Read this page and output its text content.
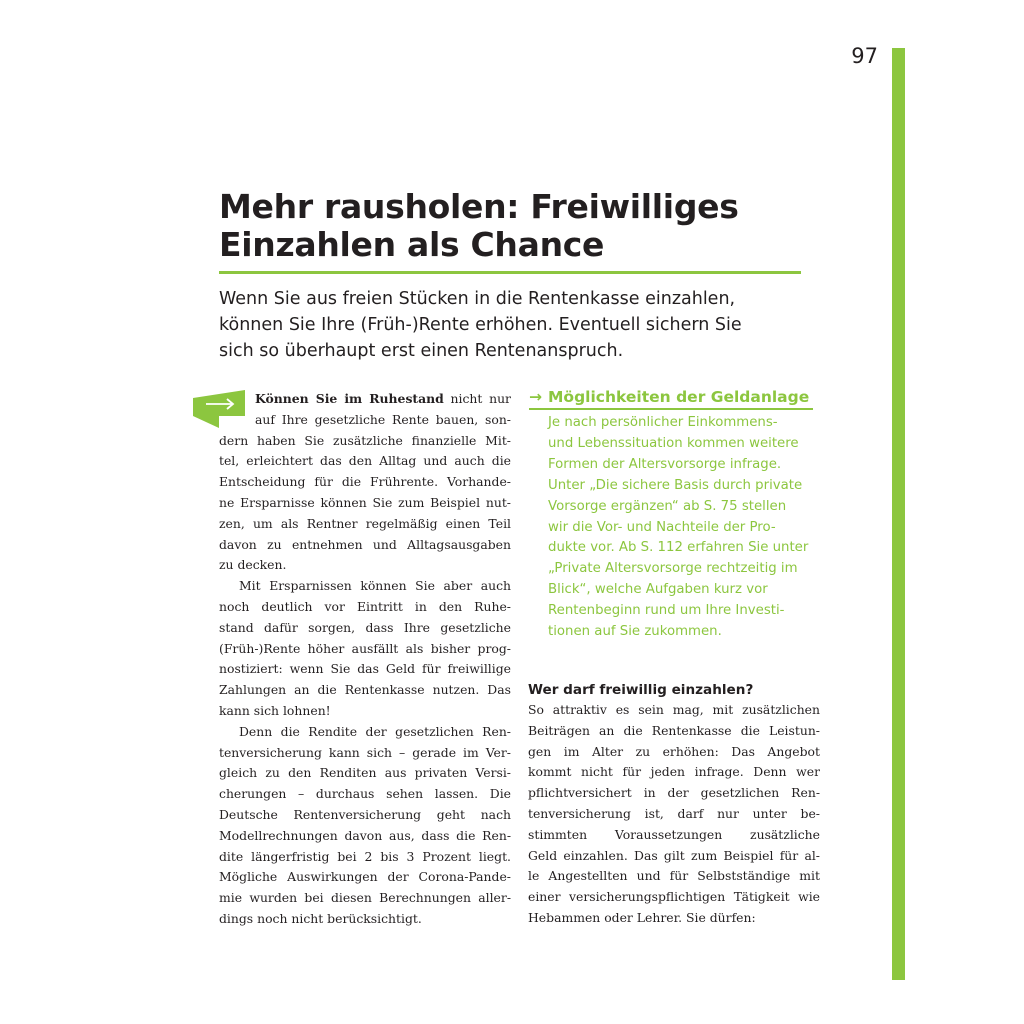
97
Mehr rausholen: Freiwilliges
Einzahlen als Chance
Wenn Sie aus freien Stücken in die Rentenkasse einzahlen,
können Sie Ihre (Früh-)Rente erhöhen. Eventuell sichern Sie
sich so überhaupt erst einen Rentenanspruch.
Können Sie im Ruhestand nicht nur
auf Ihre gesetzliche Rente bauen, son-
dern haben Sie zusätzliche finanzielle Mit-
tel, erleichtert das den Alltag und auch die
Entscheidung für die Frührente. Vorhande-
ne Ersparnisse können Sie zum Beispiel nut-
zen, um als Rentner regelmäßig einen Teil
davon zu entnehmen und Alltagsausgaben
zu decken.
Mit Ersparnissen können Sie aber auch
noch deutlich vor Eintritt in den Ruhe-
stand dafür sorgen, dass Ihre gesetzliche
(Früh-)Rente höher ausfällt als bisher prog-
nostiziert: wenn Sie das Geld für freiwillige
Zahlungen an die Rentenkasse nutzen. Das
kann sich lohnen!
Denn die Rendite der gesetzlichen Ren-
tenversicherung kann sich – gerade im Ver-
gleich zu den Renditen aus privaten Versi-
cherungen – durchaus sehen lassen. Die
Deutsche Rentenversicherung geht nach
Modellrechnungen davon aus, dass die Ren-
dite längerfristig bei 2 bis 3 Prozent liegt.
Mögliche Auswirkungen der Corona-Pande-
mie wurden bei diesen Berechnungen aller-
dings noch nicht berücksichtigt.
→ Möglichkeiten der Geldanlage
Je nach persönlicher Einkommens-
und Lebenssituation kommen weitere
Formen der Altersvorsorge infrage.
Unter „Die sichere Basis durch private
Vorsorge ergänzen“ ab S. 75 stellen
wir die Vor- und Nachteile der Pro-
dukte vor. Ab S. 112 erfahren Sie unter
„Private Altersvorsorge rechtzeitig im
Blick“, welche Aufgaben kurz vor
Rentenbeginn rund um Ihre Investi-
tionen auf Sie zukommen.
Wer darf freiwillig einzahlen?
So attraktiv es sein mag, mit zusätzlichen
Beiträgen an die Rentenkasse die Leistun-
gen im Alter zu erhöhen: Das Angebot
kommt nicht für jeden infrage. Denn wer
pflichtversichert in der gesetzlichen Ren-
tenversicherung ist, darf nur unter be-
stimmten Voraussetzungen zusätzliche
Geld einzahlen. Das gilt zum Beispiel für al-
le Angestellten und für Selbstständige mit
einer versicherungspflichtigen Tätigkeit wie
Hebammen oder Lehrer. Sie dürfen:
